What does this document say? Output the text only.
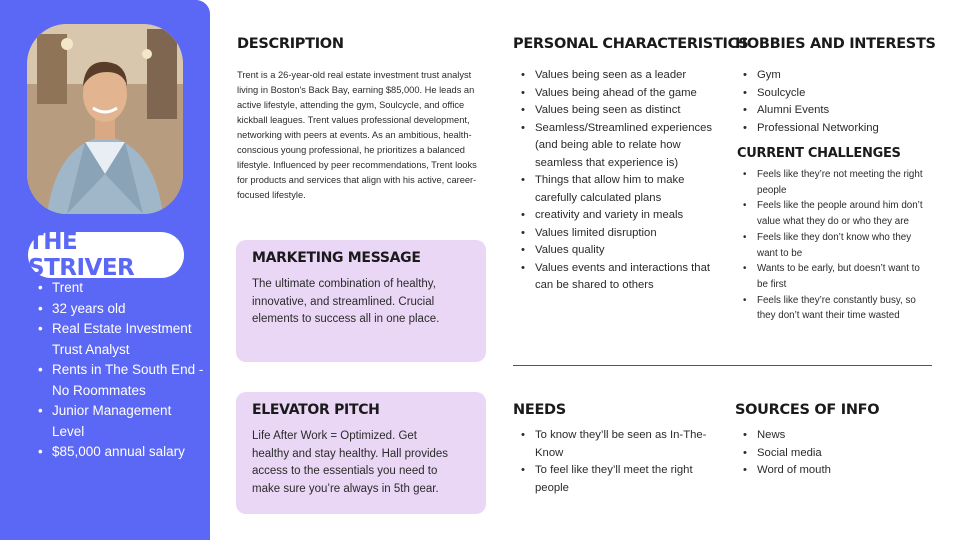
THE STRIVER
• Trent
• 32 years old
• Real Estate Investment Trust Analyst
• Rents in The South End - No Roommates
• Junior Management Level
• $85,000 annual salary
DESCRIPTION

Trent is a 26-year-old real estate investment trust analyst living in Boston's Back Bay, earning $85,000. He leads an active lifestyle, attending the gym, Soulcycle, and office kickball leagues. Trent values professional development, networking with peers at events. As an ambitious, health-conscious young professional, he prioritizes a balanced lifestyle. Influenced by peer recommendations, Trent looks for products and services that align with his active, career-focused lifestyle.

MARKETING MESSAGE

The ultimate combination of healthy, innovative, and streamlined. Crucial elements to success all in one place.

ELEVATOR PITCH

Life After Work = Optimized. Get healthy and stay healthy. Hall provides access to the essentials you need to make sure you’re always in 5th gear.

PERSONAL CHARACTERISTICS
• Values being seen as a leader
• Values being ahead of the game
• Values being seen as distinct
• Seamless/Streamlined experiences (and being able to relate how seamless that experience is)
• Things that allow him to make carefully calculated plans
• creativity and variety in meals
• Values limited disruption
• Values quality
• Values events and interactions that can be shared to others
HOBBIES AND INTERESTS
• Gym
• Soulcycle
• Alumni Events
• Professional Networking
CURRENT CHALLENGES
• Feels like they’re not meeting the right people
• Feels like the people around him don’t value what they do or who they are
• Feels like they don’t know who they want to be
• Wants to be early, but doesn’t want to be first
• Feels like they’re constantly busy, so they don’t want their time wasted
NEEDS
• To know they’ll be seen as In-The-Know
• To feel like they’ll meet the right people
SOURCES OF INFO
• News
• Social media
• Word of mouth
